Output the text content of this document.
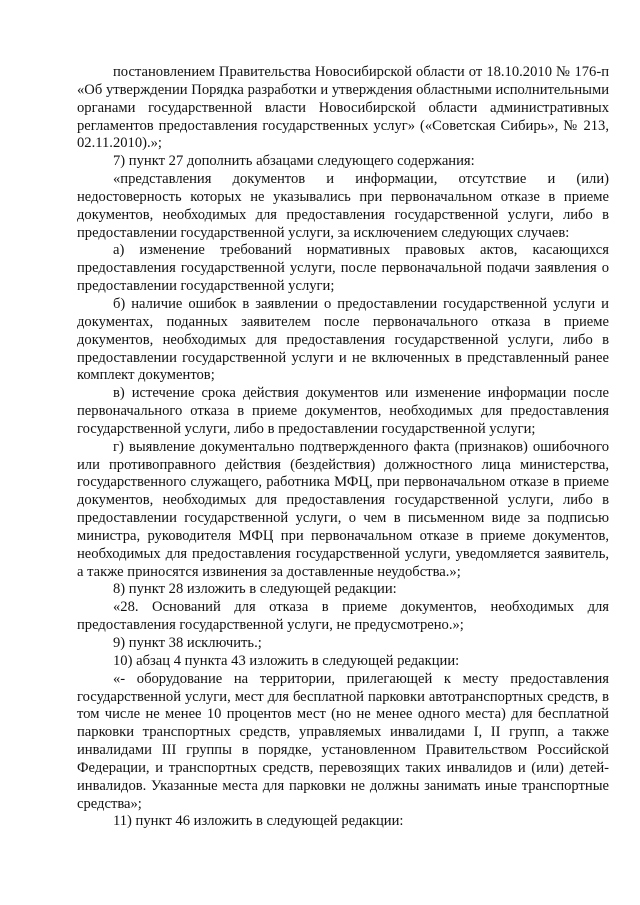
постановлением Правительства Новосибирской области от 18.10.2010 № 176-п «Об утверждении Порядка разработки и утверждения областными исполнительными органами государственной власти Новосибирской области административных регламентов предоставления государственных услуг» («Советская Сибирь», № 213, 02.11.2010).»;

7) пункт 27 дополнить абзацами следующего содержания:

«представления документов и информации, отсутствие и (или) недостоверность которых не указывались при первоначальном отказе в приеме документов, необходимых для предоставления государственной услуги, либо в предоставлении государственной услуги, за исключением следующих случаев:

а) изменение требований нормативных правовых актов, касающихся предоставления государственной услуги, после первоначальной подачи заявления о предоставлении государственной услуги;

б) наличие ошибок в заявлении о предоставлении государственной услуги и документах, поданных заявителем после первоначального отказа в приеме документов, необходимых для предоставления государственной услуги, либо в предоставлении государственной услуги и не включенных в представленный ранее комплект документов;

в) истечение срока действия документов или изменение информации после первоначального отказа в приеме документов, необходимых для предоставления государственной услуги, либо в предоставлении государственной услуги;

г) выявление документально подтвержденного факта (признаков) ошибочного или противоправного действия (бездействия) должностного лица министерства, государственного служащего, работника МФЦ, при первоначальном отказе в приеме документов, необходимых для предоставления государственной услуги, либо в предоставлении государственной услуги, о чем в письменном виде за подписью министра, руководителя МФЦ при первоначальном отказе в приеме документов, необходимых для предоставления государственной услуги, уведомляется заявитель, а также приносятся извинения за доставленные неудобства.»;

8) пункт 28 изложить в следующей редакции:

«28. Оснований для отказа в приеме документов, необходимых для предоставления государственной услуги, не предусмотрено.»;

9) пункт 38 исключить.;

10) абзац 4 пункта 43 изложить в следующей редакции:

«- оборудование на территории, прилегающей к месту предоставления государственной услуги, мест для бесплатной парковки автотранспортных средств, в том числе не менее 10 процентов мест (но не менее одного места) для бесплатной парковки транспортных средств, управляемых инвалидами I, II групп, а также инвалидами III группы в порядке, установленном Правительством Российской Федерации, и транспортных средств, перевозящих таких инвалидов и (или) детей-инвалидов. Указанные места для парковки не должны занимать иные транспортные средства»;

11) пункт 46 изложить в следующей редакции:
